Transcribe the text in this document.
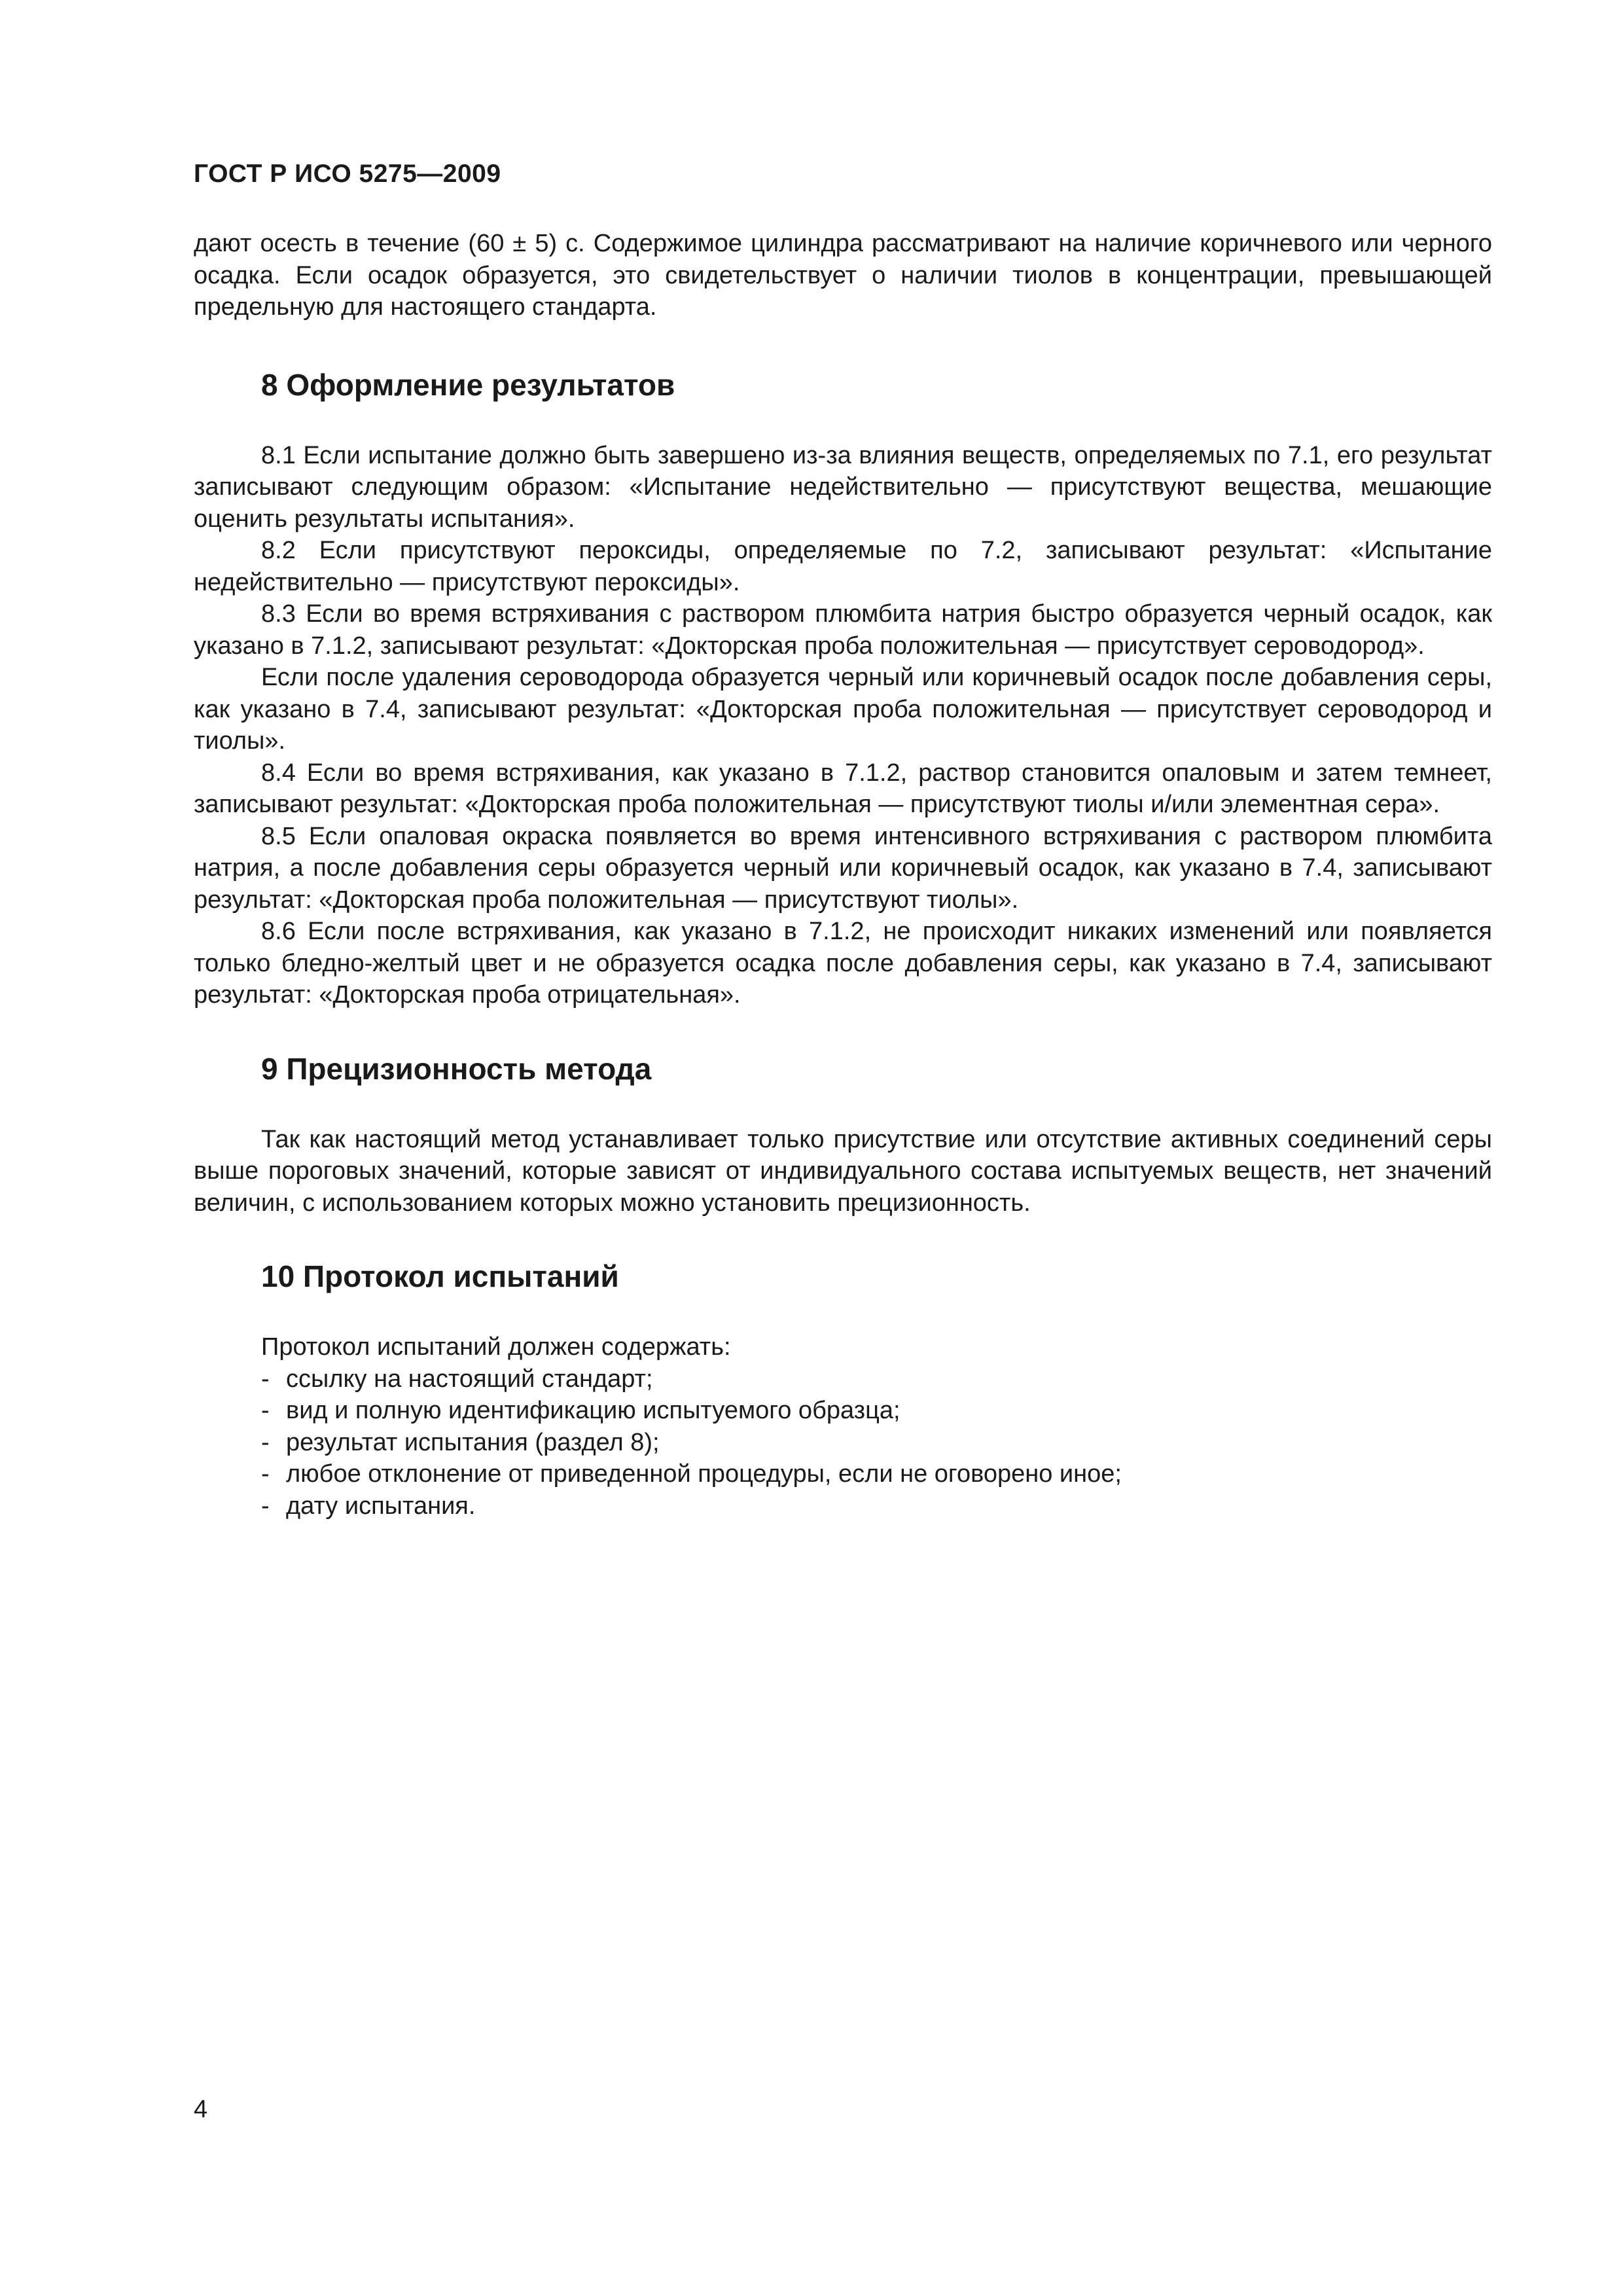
ГОСТ Р ИСО 5275—2009

дают осесть в течение (60 ± 5) с. Содержимое цилиндра рассматривают на наличие коричневого или черного осадка. Если осадок образуется, это свидетельствует о наличии тиолов в концентрации, превышающей предельную для настоящего стандарта.

8 Оформление результатов

8.1 Если испытание должно быть завершено из-за влияния веществ, определяемых по 7.1, его результат записывают следующим образом: «Испытание недействительно — присутствуют вещества, мешающие оценить результаты испытания».

8.2 Если присутствуют пероксиды, определяемые по 7.2, записывают результат: «Испытание недействительно — присутствуют пероксиды».

8.3 Если во время встряхивания с раствором плюмбита натрия быстро образуется черный осадок, как указано в 7.1.2, записывают результат: «Докторская проба положительная — присутствует сероводород».

Если после удаления сероводорода образуется черный или коричневый осадок после добавления серы, как указано в 7.4, записывают результат: «Докторская проба положительная — присутствует сероводород и тиолы».

8.4 Если во время встряхивания, как указано в 7.1.2, раствор становится опаловым и затем темнеет, записывают результат: «Докторская проба положительная — присутствуют тиолы и/или элементная сера».

8.5 Если опаловая окраска появляется во время интенсивного встряхивания с раствором плюмбита натрия, а после добавления серы образуется черный или коричневый осадок, как указано в 7.4, записывают результат: «Докторская проба положительная — присутствуют тиолы».

8.6 Если после встряхивания, как указано в 7.1.2, не происходит никаких изменений или появляется только бледно-желтый цвет и не образуется осадка после добавления серы, как указано в 7.4, записывают результат: «Докторская проба отрицательная».

9 Прецизионность метода

Так как настоящий метод устанавливает только присутствие или отсутствие активных соединений серы выше пороговых значений, которые зависят от индивидуального состава испытуемых веществ, нет значений величин, с использованием которых можно установить прецизионность.

10 Протокол испытаний

Протокол испытаний должен содержать:

- ссылку на настоящий стандарт;
- вид и полную идентификацию испытуемого образца;
- результат испытания (раздел 8);
- любое отклонение от приведенной процедуры, если не оговорено иное;
- дату испытания.

4
